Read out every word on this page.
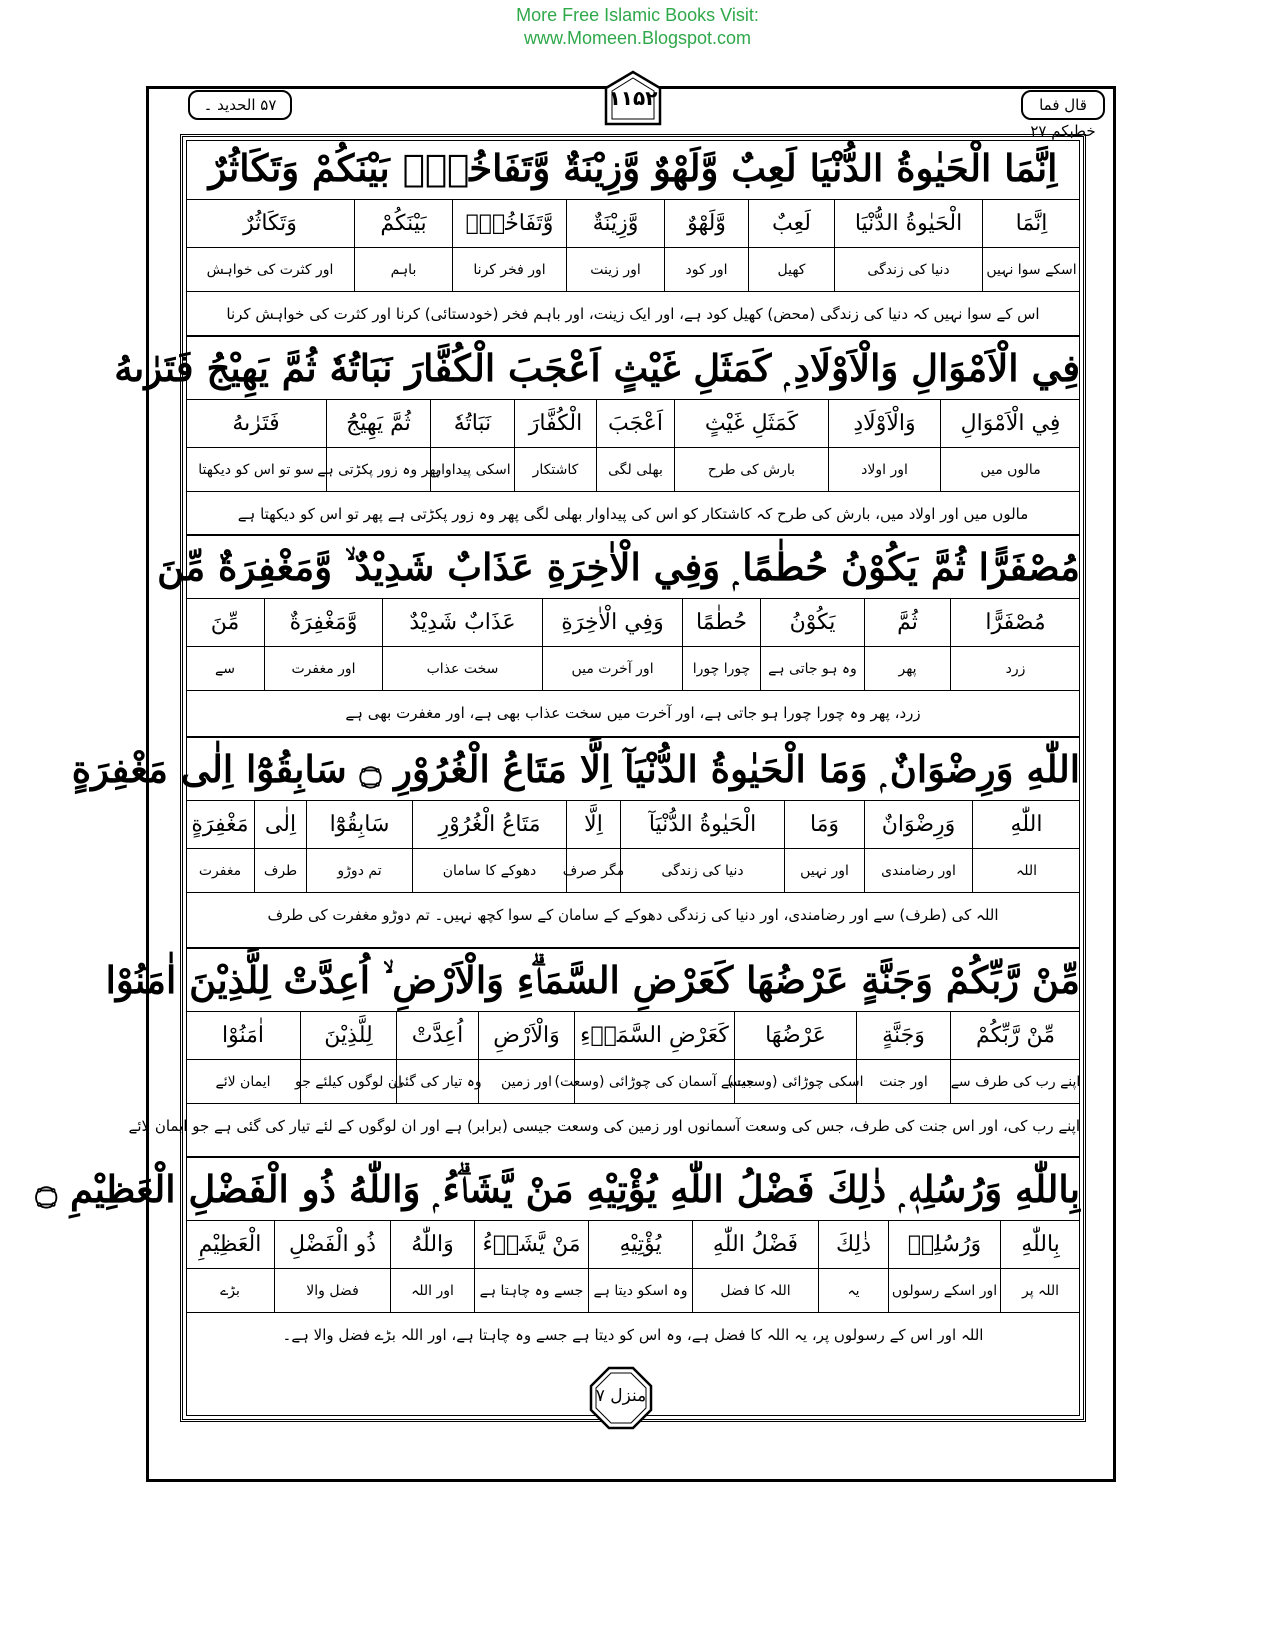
More Free Islamic Books Visit:
www.Momeen.Blogspot.com
۵۷ الحدید ۔	قال فما خطبکم ۲۷
۱۱۵۲
اِنَّمَا الْحَيٰوةُ الدُّنْيَا لَعِبٌ وَّلَهْوٌ وَّزِيْنَةٌ وَّتَفَاخُرٌۢ بَيْنَكُمْ وَتَكَاثُرٌ
اِنَّمَا
الْحَيٰوةُ الدُّنْيَا
لَعِبٌ
وَّلَهْوٌ
وَّزِيْنَةٌ
وَّتَفَاخُرٌۢ
بَيْنَكُمْ
وَتَكَاثُرٌ
اسکے سوا نہیں
دنیا کی زندگی
کھیل
اور کود
اور زینت
اور فخر کرنا
باہم
اور کثرت کی خواہش
اس کے سوا نہیں کہ دنیا کی زندگی (محض) کھیل کود ہے، اور ایک زینت، اور باہم فخر (خودستائی) کرنا اور کثرت کی خواہش کرنا
فِي الْاَمْوَالِ وَالْاَوْلَادِ ۭ كَمَثَلِ غَيْثٍ اَعْجَبَ الْكُفَّارَ نَبَاتُهٗ ثُمَّ يَهِيْجُ فَتَرٰىهُ
فِي الْاَمْوَالِ
وَالْاَوْلَادِ
كَمَثَلِ غَيْثٍ
اَعْجَبَ
الْكُفَّارَ
نَبَاتُهٗ
ثُمَّ يَهِيْجُ
فَتَرٰىهُ
مالوں میں
اور اولاد
بارش کی طرح
بھلی لگی
کاشتکار
اسکی پیداوار
پھر وہ زور پکڑتی ہے
سو تو اس کو دیکھتا
مالوں میں اور اولاد میں، بارش کی طرح کہ کاشتکار کو اس کی پیداوار بھلی لگی پھر وہ زور پکڑتی ہے پھر تو اس کو دیکھتا ہے
مُصْفَرًّا ثُمَّ يَكُوْنُ حُطٰمًا ۭ وَفِي الْاٰخِرَةِ عَذَابٌ شَدِيْدٌ ۙ وَّمَغْفِرَةٌ مِّنَ
مُصْفَرًّا
ثُمَّ
يَكُوْنُ
حُطٰمًا
وَفِي الْاٰخِرَةِ
عَذَابٌ شَدِيْدٌ
وَّمَغْفِرَةٌ
مِّنَ
زرد
پھر
وہ ہو جاتی ہے
چورا چورا
اور آخرت میں
سخت عذاب
اور مغفرت
سے
زرد، پھر وہ چورا چورا ہو جاتی ہے، اور آخرت میں سخت عذاب بھی ہے، اور مغفرت بھی ہے
اللّٰهِ وَرِضْوَانٌ ۭ وَمَا الْحَيٰوةُ الدُّنْيَآ اِلَّا مَتَاعُ الْغُرُوْرِ ۝ سَابِقُوْٓا اِلٰى مَغْفِرَةٍ
اللّٰهِ
وَرِضْوَانٌ
وَمَا
الْحَيٰوةُ الدُّنْيَآ
اِلَّا
مَتَاعُ الْغُرُوْرِ
سَابِقُوْٓا
اِلٰى
مَغْفِرَةٍ
اللہ
اور رضامندی
اور نہیں
دنیا کی زندگی
مگر صرف
دھوکے کا سامان
تم دوڑو
طرف
مغفرت
اللہ کی (طرف) سے اور رضامندی، اور دنیا کی زندگی دھوکے کے سامان کے سوا کچھ نہیں۔ تم دوڑو مغفرت کی طرف
مِّنْ رَّبِّكُمْ وَجَنَّةٍ عَرْضُهَا كَعَرْضِ السَّمَاۗءِ وَالْاَرْضِ ۙ اُعِدَّتْ لِلَّذِيْنَ اٰمَنُوْا
مِّنْ رَّبِّكُمْ
وَجَنَّةٍ
عَرْضُهَا
كَعَرْضِ السَّمَاۗءِ
وَالْاَرْضِ
اُعِدَّتْ
لِلَّذِيْنَ
اٰمَنُوْا
اپنے رب کی طرف سے
اور جنت
اسکی چوڑائی (وسعت)
جیسے آسمان کی چوڑائی (وسعت)
اور زمین
وہ تیار کی گئی
ان لوگوں کیلئے جو
ایمان لائے
اپنے رب کی، اور اس جنت کی طرف، جس کی وسعت آسمانوں اور زمین کی وسعت جیسی (برابر) ہے اور ان لوگوں کے لئے تیار کی گئی ہے جو ایمان لائے
بِاللّٰهِ وَرُسُلِهٖ ۭ ذٰلِكَ فَضْلُ اللّٰهِ يُؤْتِيْهِ مَنْ يَّشَاۗءُ ۭ وَاللّٰهُ ذُو الْفَضْلِ الْعَظِيْمِ ۝
بِاللّٰهِ
وَرُسُلِهٖ
ذٰلِكَ
فَضْلُ اللّٰهِ
يُؤْتِيْهِ
مَنْ يَّشَاۗءُ
وَاللّٰهُ
ذُو الْفَضْلِ
الْعَظِيْمِ
اللہ پر
اور اسکے رسولوں
یہ
اللہ کا فضل
وہ اسکو دیتا ہے
جسے وہ چاہتا ہے
اور اللہ
فضل والا
بڑے
اللہ اور اس کے رسولوں پر، یہ اللہ کا فضل ہے، وہ اس کو دیتا ہے جسے وہ چاہتا ہے، اور اللہ بڑے فضل والا ہے۔
منزل ۷
